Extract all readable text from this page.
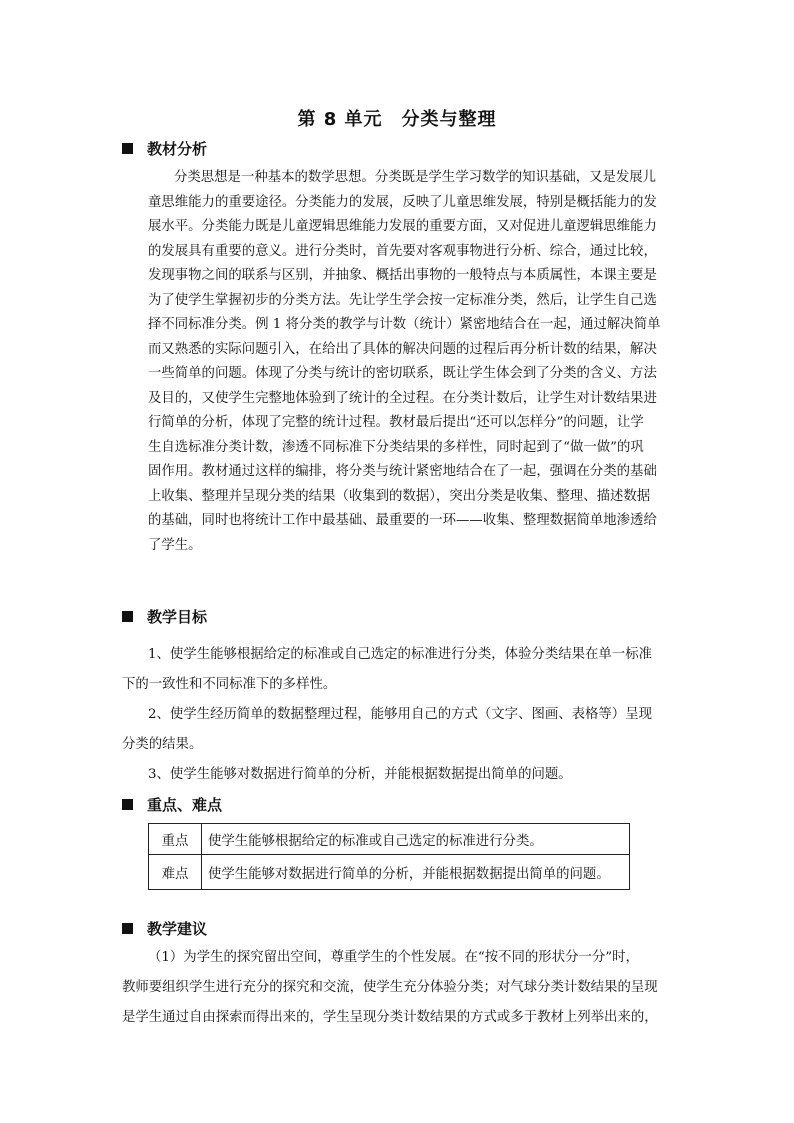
第 8 单元　分类与整理
教材分析
分类思想是一种基本的数学思想。分类既是学生学习数学的知识基础，又是发展儿
童思维能力的重要途径。分类能力的发展，反映了儿童思维发展，特别是概括能力的发
展水平。分类能力既是儿童逻辑思维能力发展的重要方面，又对促进儿童逻辑思维能力
的发展具有重要的意义。进行分类时，首先要对客观事物进行分析、综合，通过比较，
发现事物之间的联系与区别，并抽象、概括出事物的一般特点与本质属性，本课主要是
为了使学生掌握初步的分类方法。先让学生学会按一定标准分类，然后，让学生自己选
择不同标准分类。例 1 将分类的教学与计数（统计）紧密地结合在一起，通过解决简单
而又熟悉的实际问题引入，在给出了具体的解决问题的过程后再分析计数的结果，解决
一些简单的问题。体现了分类与统计的密切联系，既让学生体会到了分类的含义、方法
及目的，又使学生完整地体验到了统计的全过程。在分类计数后，让学生对计数结果进
行简单的分析，体现了完整的统计过程。教材最后提出“还可以怎样分”的问题，让学
生自选标准分类计数，渗透不同标准下分类结果的多样性，同时起到了“做一做”的巩
固作用。教材通过这样的编排，将分类与统计紧密地结合在了一起，强调在分类的基础
上收集、整理并呈现分类的结果（收集到的数据），突出分类是收集、整理、描述数据
的基础，同时也将统计工作中最基础、最重要的一环——收集、整理数据简单地渗透给
了学生。
教学目标
1、使学生能够根据给定的标准或自己选定的标准进行分类，体验分类结果在单一标准
下的一致性和不同标准下的多样性。
2、使学生经历简单的数据整理过程，能够用自己的方式（文字、图画、表格等）呈现
分类的结果。
3、使学生能够对数据进行简单的分析，并能根据数据提出简单的问题。
重点、难点
重点	使学生能够根据给定的标准或自己选定的标准进行分类。
难点	使学生能够对数据进行简单的分析，并能根据数据提出简单的问题。
教学建议
（1）为学生的探究留出空间，尊重学生的个性发展。在“按不同的形状分一分”时，
教师要组织学生进行充分的探究和交流，使学生充分体验分类；对气球分类计数结果的呈现
是学生通过自由探索而得出来的，学生呈现分类计数结果的方式或多于教材上列举出来的，
